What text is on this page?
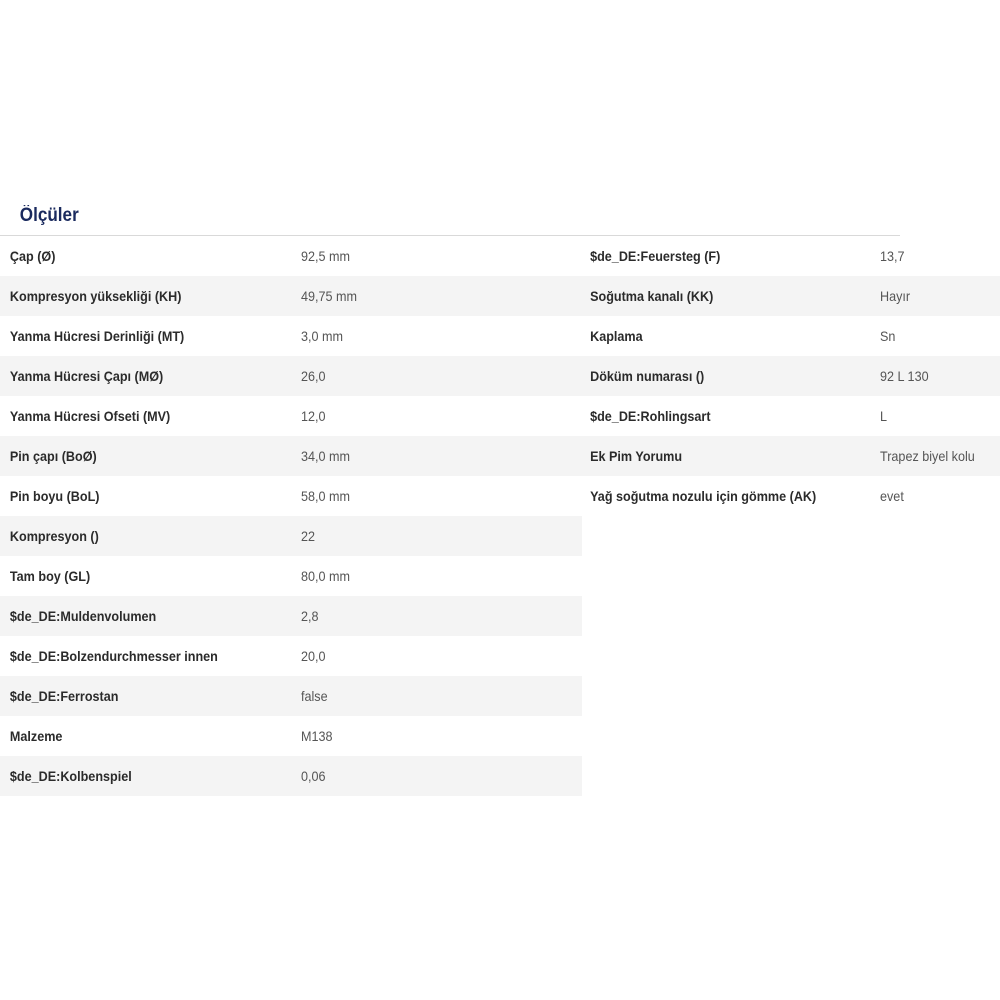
Ölçüler
Çap (Ø)	92,5 mm
Kompresyon yüksekliği (KH)	49,75 mm
Yanma Hücresi Derinliği (MT)	3,0 mm
Yanma Hücresi Çapı (MØ)	26,0
Yanma Hücresi Ofseti (MV)	12,0
Pin çapı (BoØ)	34,0 mm
Pin boyu (BoL)	58,0 mm
Kompresyon ()	22
Tam boy (GL)	80,0 mm
$de_DE:Muldenvolumen	2,8
$de_DE:Bolzendurchmesser innen	20,0
$de_DE:Ferrostan	false
Malzeme	M138
$de_DE:Kolbenspiel	0,06
$de_DE:Feuersteg (F)	13,7
Soğutma kanalı (KK)	Hayır
Kaplama	Sn
Döküm numarası ()	92 L 130
$de_DE:Rohlingsart	L
Ek Pim Yorumu	Trapez biyel kolu
Yağ soğutma nozulu için gömme (AK)	evet
